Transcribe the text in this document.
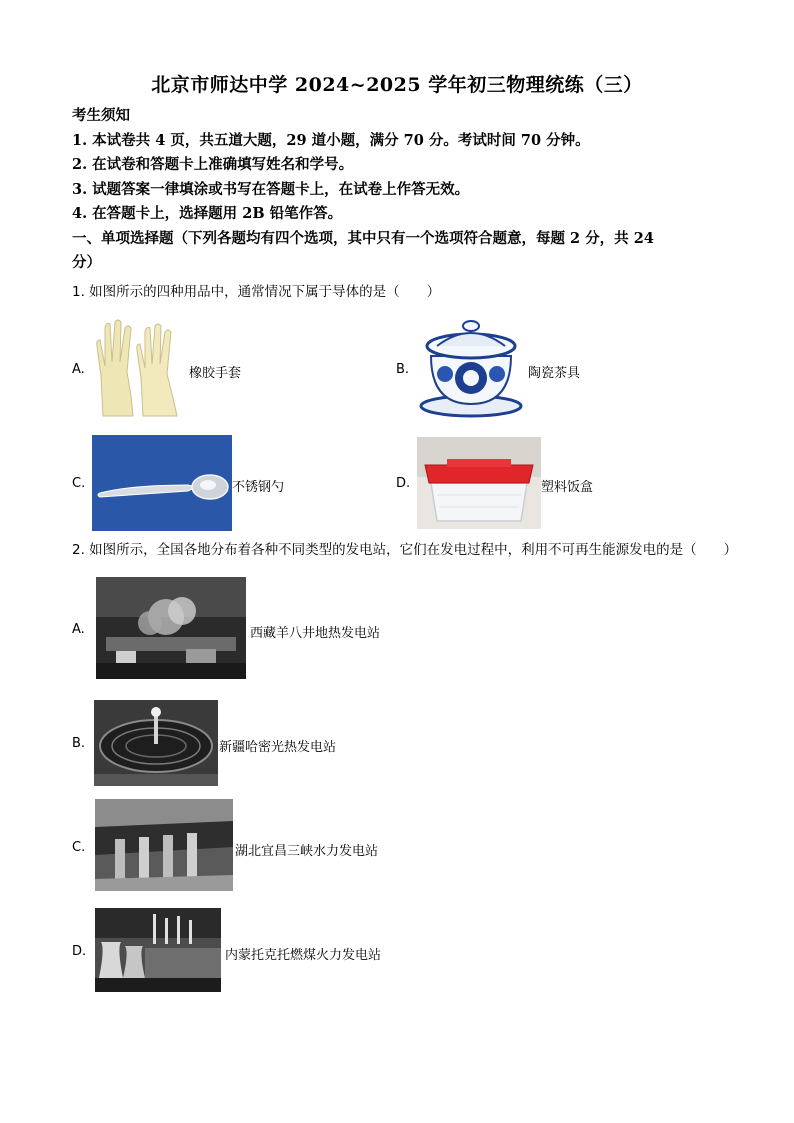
北京市师达中学 2024~2025 学年初三物理统练（三）
考生须知
1. 本试卷共 4 页，共五道大题，29 道小题，满分 70 分。考试时间 70 分钟。
2. 在试卷和答题卡上准确填写姓名和学号。
3. 试题答案一律填涂或书写在答题卡上，在试卷上作答无效。
4. 在答题卡上，选择题用 2B 铅笔作答。
一、单项选择题（下列各题均有四个选项，其中只有一个选项符合题意，每题 2 分，共 24
分）
1. 如图所示的四种用品中，通常情况下属于导体的是（　　）
A.	橡胶手套	B.	陶瓷茶具
C.	不锈钢勺	D.	塑料饭盒
2. 如图所示，全国各地分布着各种不同类型的发电站，它们在发电过程中，利用不可再生能源发电的是（　　）
A.	西藏羊八井地热发电站
B.	新疆哈密光热发电站
C.	湖北宜昌三峡水力发电站
D.	内蒙托克托燃煤火力发电站
